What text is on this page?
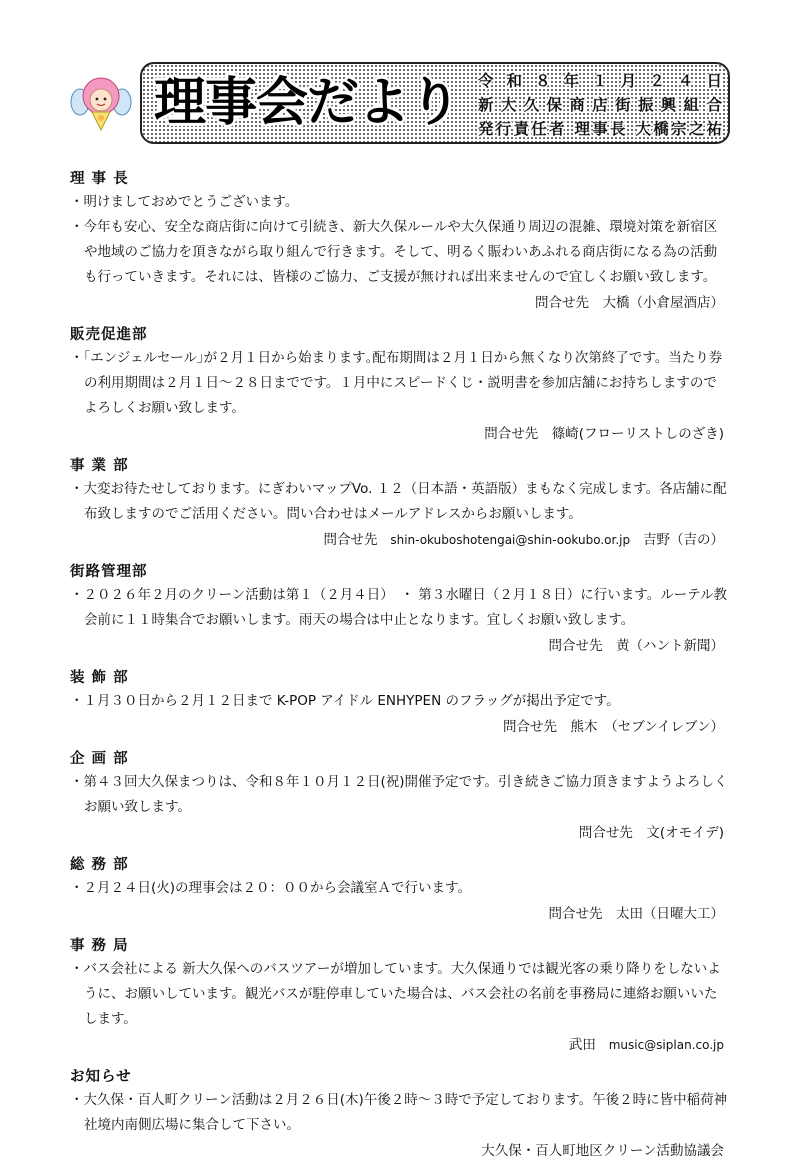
理事会だより 令和８年１月２４日
新大久保商店街振興組合
発行責任者 理事長 大橋宗之祐
理 事 長
・明けましておめでとうございます。
・今年も安心、安全な商店街に向けて引続き、新大久保ルールや大久保通り周辺の混雑、環境対策を新宿区や地域のご協力を頂きながら取り組んで行きます。そして、明るく賑わいあふれる商店街になる為の活動も行っていきます。それには、皆様のご協力、ご支援が無ければ出来ませんので宜しくお願い致します。
問合せ先　大橋（小倉屋酒店）
販売促進部
・｢エンジェルセール｣が２月１日から始まります｡配布期間は２月１日から無くなり次第終了です。当たり券の利用期間は２月１日～２８日までです。１月中にスピードくじ・説明書を参加店舗にお持ちしますのでよろしくお願い致します。
問合せ先　篠崎(フローリストしのざき)
事 業 部
・大変お待たせしております。にぎわいマップVo. １２（日本語・英語版）まもなく完成します。各店舗に配布致しますのでご活用ください。問い合わせはメールアドレスからお願いします。
問合せ先 shin-okuboshotengai@shin-ookubo.or.jp 吉野（吉の）
街路管理部
・２０２６年２月のクリーン活動は第１（２月４日）　・ 第３水曜日（２月１８日）に行います。ルーテル教会前に１１時集合でお願いします。雨天の場合は中止となります。宜しくお願い致します。
問合せ先　黄（ハント新聞）
装 飾 部
・１月３０日から２月１２日まで K-POP アイドル ENHYPEN のフラッグが掲出予定です。
問合せ先　熊木　（セブンイレブン）
企 画 部
・第４３回大久保まつりは、令和８年１０月１２日(祝)開催予定です。引き続きご協力頂きますようよろしくお願い致します。
問合せ先　文(オモイデ)
総 務 部
・２月２４日(火)の理事会は２０：００から会議室Ａで行います。
問合せ先　太田（日曜大工）
事 務 局
・バス会社による 新大久保へのバスツアーが増加しています。大久保通りでは観光客の乗り降りをしないように、お願いしています。観光バスが駐停車していた場合は、バス会社の名前を事務局に連絡お願いいたします。
武田 music@siplan.co.jp
お知らせ
・大久保・百人町クリーン活動は２月２６日(木)午後２時～３時で予定しております。午後２時に皆中稲荷神社境内南側広場に集合して下さい。
大久保・百人町地区クリーン活動協議会
